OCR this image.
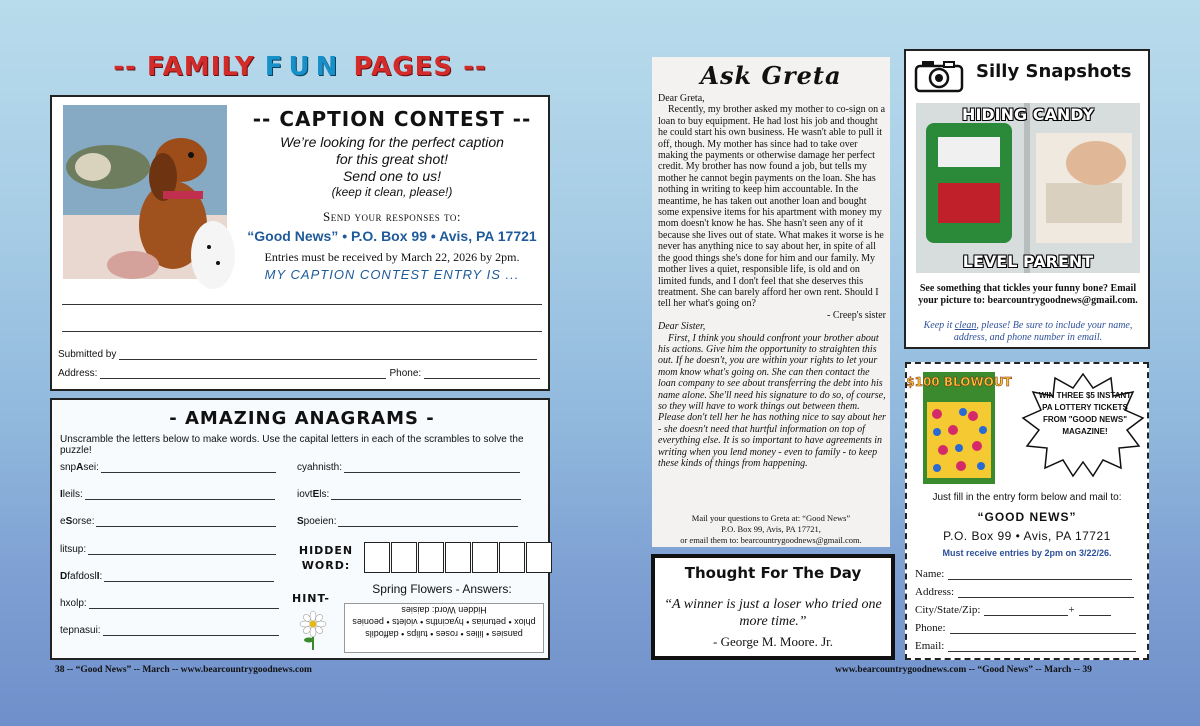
-- FAMILY FUN PAGES --
-- CAPTION CONTEST --
We’re looking for the perfect caption
for this great shot!
Send one to us!
(keep it clean, please!)
Send your responses to:
“Good News” • P.O. Box 99 • Avis, PA 17721
Entries must be received by March 22, 2026 by 2pm.
MY CAPTION CONTEST ENTRY IS ...
Submitted by
Address:	Phone:
- AMAZING ANAGRAMS -
Unscramble the letters below to make words. Use the capital letters in each of the scrambles to solve the puzzle!
snp A sei:
I leils:
e S orse:
litsup:
D fafdosl I :
hxolp:
tepnasui:
cyahnisth:
iovt E ls:
S poeien:
HIDDEN WORD:
HINT-
Spring Flowers - Answers:
pansies • lilies • roses • tulips • daffodils
phlox • petunias • hyacinths • violets • peonies
Hidden Word: daisies
38 -- “Good News” -- March -- www.bearcountrygoodnews.com
Ask Greta

Dear Greta,

Recently, my brother asked my mother to co-sign on a loan to buy equipment. He had lost his job and thought he could start his own business. He wasn't able to pull it off, though. My mother has since had to take over making the payments or otherwise damage her perfect credit. My brother has now found a job, but tells my mother he cannot begin payments on the loan. She has nothing in writing to keep him accountable. In the meantime, he has taken out another loan and bought some expensive items for his apartment with money my mom doesn't know he has. She hasn't seen any of it because she lives out of state. What makes it worse is he never has anything nice to say about her, in spite of all the good things she's done for him and our family. My mother lives a quiet, responsible life, is old and on limited funds, and I don't feel that she deserves this treatment. She can barely afford her own rent. Should I tell her what's going on?

- Creep's sister

Dear Sister,

First, I think you should confront your brother about his actions. Give him the opportunity to straighten this out. If he doesn't, you are within your rights to let your mom know what's going on. She can then contact the loan company to see about transferring the debt into his name alone. She'll need his signature to do so, of course, so they will have to work things out between them. Please don't tell her he has nothing nice to say about her - she doesn't need that hurtful information on top of everything else. It is so important to have agreements in writing when you lend money - even to family - to keep these kinds of things from happening.

Mail your questions to Greta at: “Good News”
P.O. Box 99, Avis, PA 17721,
or email them to: bearcountrygoodnews@gmail.com.
Thought For The Day
“A winner is just a loser who tried one more time.”
- George M. Moore. Jr.
Silly Snapshots
HIDING CANDY
LEVEL PARENT
See something that tickles your funny bone? Email your picture to: bearcountrygoodnews@gmail.com.
Keep it clean, please! Be sure to include your name, address, and phone number in email.
$100 BLOWOUT
WIN THREE $5 INSTANT PA LOTTERY TICKETS FROM "GOOD NEWS" MAGAZINE!
Just fill in the entry form below and mail to:
“GOOD NEWS”
P.O. Box 99 • Avis, PA 17721
Must receive entries by 2pm on 3/22/26.
Name:
Address:
City/State/Zip:	+
Phone:
Email:
www.bearcountrygoodnews.com -- “Good News” -- March -- 39
